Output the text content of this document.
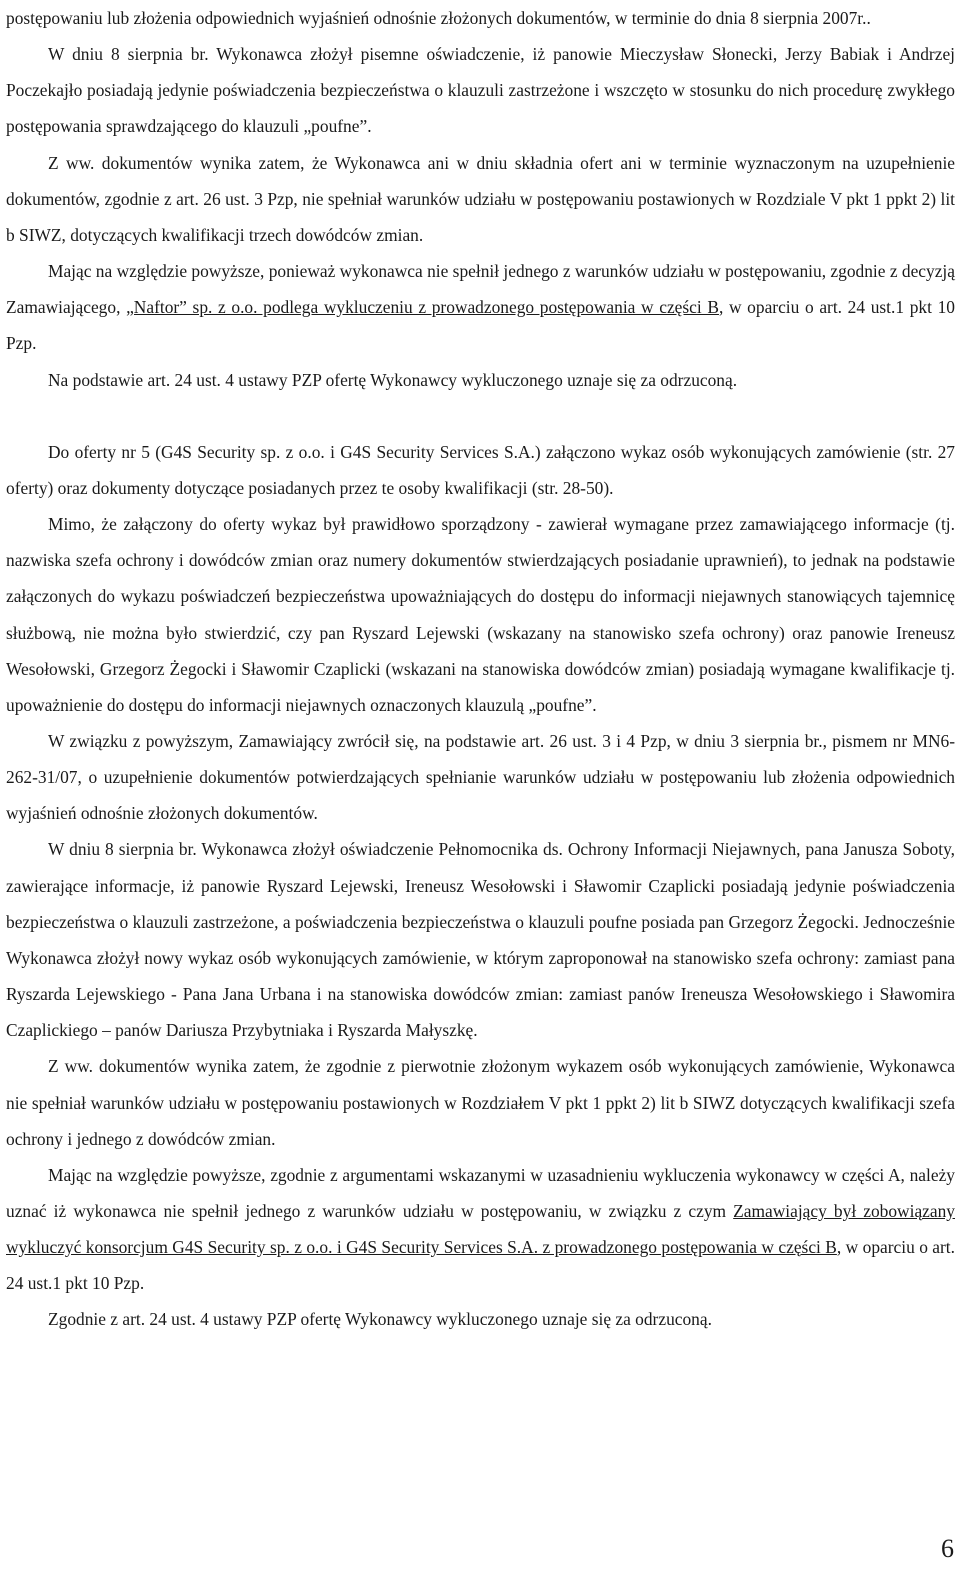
postępowaniu lub złożenia odpowiednich wyjaśnień odnośnie złożonych dokumentów, w terminie do dnia 8 sierpnia 2007r..

W dniu 8 sierpnia br. Wykonawca złożył pisemne oświadczenie, iż panowie Mieczysław Słonecki, Jerzy Babiak i Andrzej Poczekajło posiadają jedynie poświadczenia bezpieczeństwa o klauzuli zastrzeżone i wszczęto w stosunku do nich procedurę zwykłego postępowania sprawdzającego do klauzuli „poufne”.

Z ww. dokumentów wynika zatem, że Wykonawca ani w dniu składnia ofert ani w terminie wyznaczonym na uzupełnienie dokumentów, zgodnie z art. 26 ust. 3 Pzp, nie spełniał warunków udziału w postępowaniu postawionych w Rozdziale V pkt 1 ppkt 2) lit b SIWZ, dotyczących kwalifikacji trzech dowódców zmian.

Mając na względzie powyższe, ponieważ wykonawca nie spełnił jednego z warunków udziału w postępowaniu, zgodnie z decyzją Zamawiającego, „Naftor” sp. z o.o. podlega wykluczeniu z prowadzonego postępowania w części B, w oparciu o art. 24 ust.1 pkt 10 Pzp.

Na podstawie art. 24 ust. 4 ustawy PZP ofertę Wykonawcy wykluczonego uznaje się za odrzuconą.

Do oferty nr 5 (G4S Security sp. z o.o. i G4S Security Services S.A.) załączono wykaz osób wykonujących zamówienie (str. 27 oferty) oraz dokumenty dotyczące posiadanych przez te osoby kwalifikacji (str. 28-50).

Mimo, że załączony do oferty wykaz był prawidłowo sporządzony - zawierał wymagane przez zamawiającego informacje (tj. nazwiska szefa ochrony i dowódców zmian oraz numery dokumentów stwierdzających posiadanie uprawnień), to jednak na podstawie załączonych do wykazu poświadczeń bezpieczeństwa upoważniających do dostępu do informacji niejawnych stanowiących tajemnicę służbową, nie można było stwierdzić, czy pan Ryszard Lejewski (wskazany na stanowisko szefa ochrony) oraz panowie Ireneusz Wesołowski, Grzegorz Żegocki i Sławomir Czaplicki (wskazani na stanowiska dowódców zmian) posiadają wymagane kwalifikacje tj. upoważnienie do dostępu do informacji niejawnych oznaczonych klauzulą „poufne”.

W związku z powyższym, Zamawiający zwrócił się, na podstawie art. 26 ust. 3 i 4 Pzp, w dniu 3 sierpnia br., pismem nr MN6-262-31/07, o uzupełnienie dokumentów potwierdzających spełnianie warunków udziału w postępowaniu lub złożenia odpowiednich wyjaśnień odnośnie złożonych dokumentów.

W dniu 8 sierpnia br. Wykonawca złożył oświadczenie Pełnomocnika ds. Ochrony Informacji Niejawnych, pana Janusza Soboty, zawierające informacje, iż panowie Ryszard Lejewski, Ireneusz Wesołowski i Sławomir Czaplicki posiadają jedynie poświadczenia bezpieczeństwa o klauzuli zastrzeżone, a poświadczenia bezpieczeństwa o klauzuli poufne posiada pan Grzegorz Żegocki. Jednocześnie Wykonawca złożył nowy wykaz osób wykonujących zamówienie, w którym zaproponował na stanowisko szefa ochrony: zamiast pana Ryszarda Lejewskiego - Pana Jana Urbana i na stanowiska dowódców zmian: zamiast panów Ireneusza Wesołowskiego i Sławomira Czaplickiego – panów Dariusza Przybytniaka i Ryszarda Małyszkę.

Z ww. dokumentów wynika zatem, że zgodnie z pierwotnie złożonym wykazem osób wykonujących zamówienie, Wykonawca nie spełniał warunków udziału w postępowaniu postawionych w Rozdziałem V pkt 1 ppkt 2) lit b SIWZ dotyczących kwalifikacji szefa ochrony i jednego z dowódców zmian.

Mając na względzie powyższe, zgodnie z argumentami wskazanymi w uzasadnieniu wykluczenia wykonawcy w części A, należy uznać iż wykonawca nie spełnił jednego z warunków udziału w postępowaniu, w związku z czym Zamawiający był zobowiązany wykluczyć konsorcjum G4S Security sp. z o.o. i G4S Security Services S.A. z prowadzonego postępowania w części B, w oparciu o art. 24 ust.1 pkt 10 Pzp.

Zgodnie z art. 24 ust. 4 ustawy PZP ofertę Wykonawcy wykluczonego uznaje się za odrzuconą.

6
